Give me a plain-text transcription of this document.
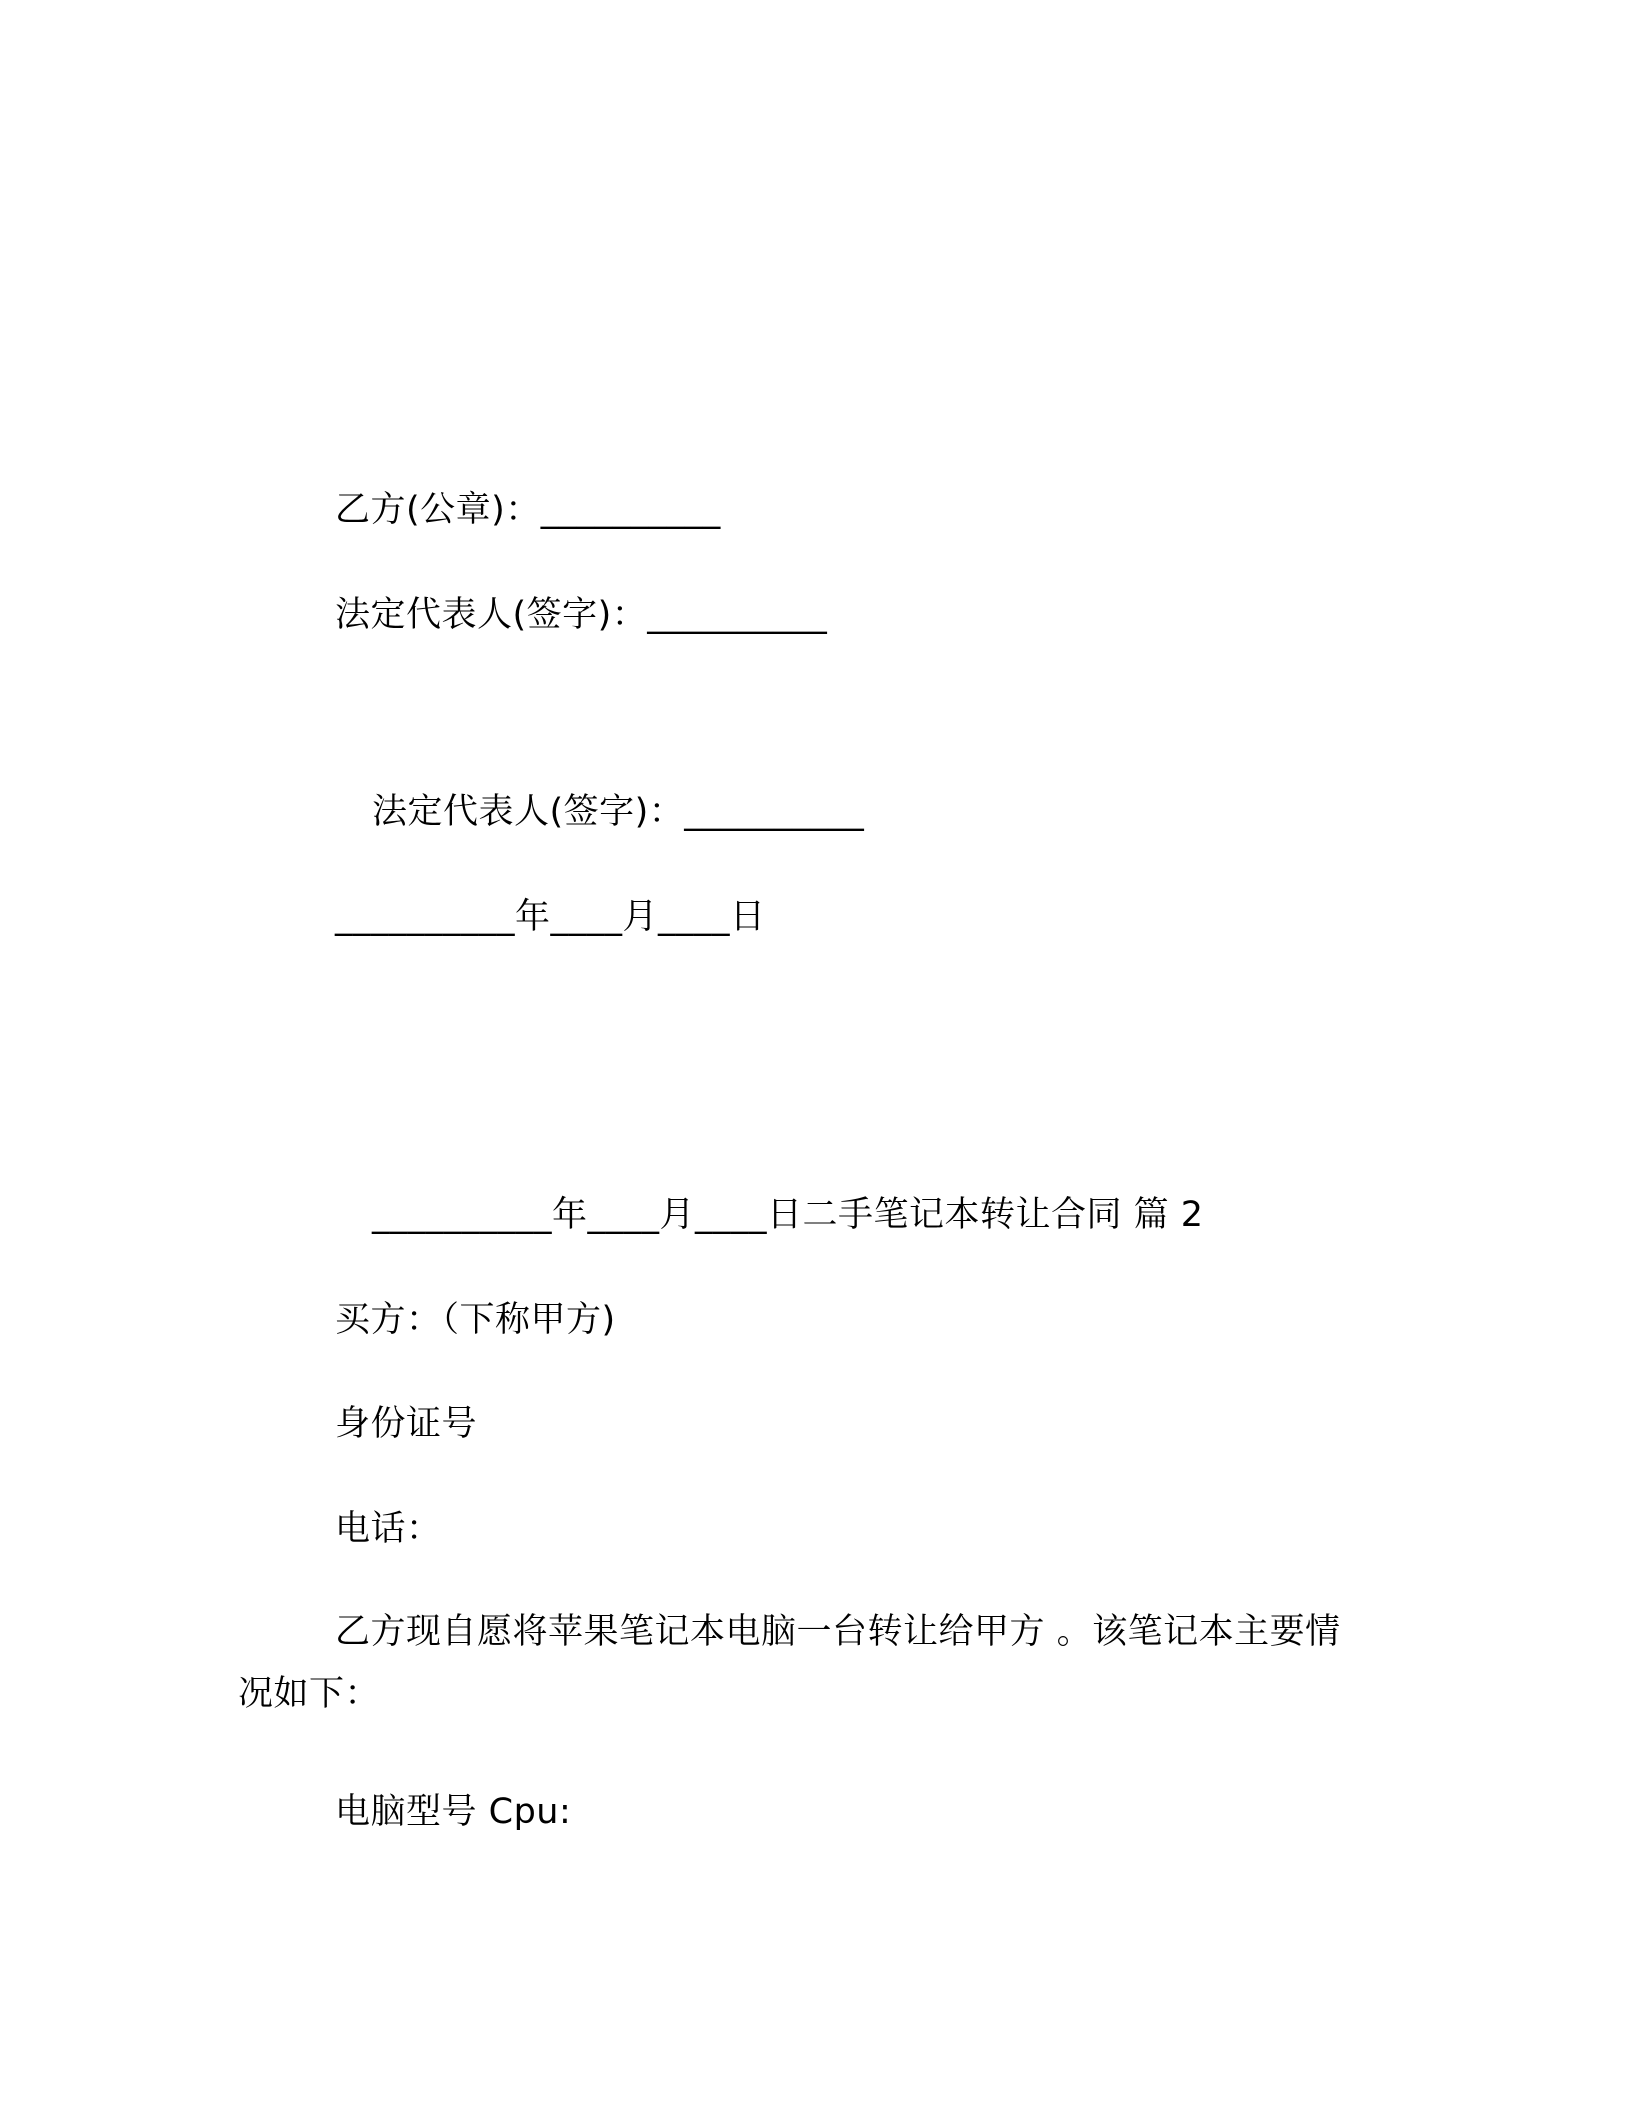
乙方(公章)：__________
法定代表人(签字)：__________
法定代表人(签字)：__________
__________年____月____日
__________年____月____日二手笔记本转让合同 篇 2
买方：（下称甲方)
身份证号
电话：
乙方现自愿将苹果笔记本电脑一台转让给甲方 。该笔记本主要情
况如下：
电脑型号 Cpu:
